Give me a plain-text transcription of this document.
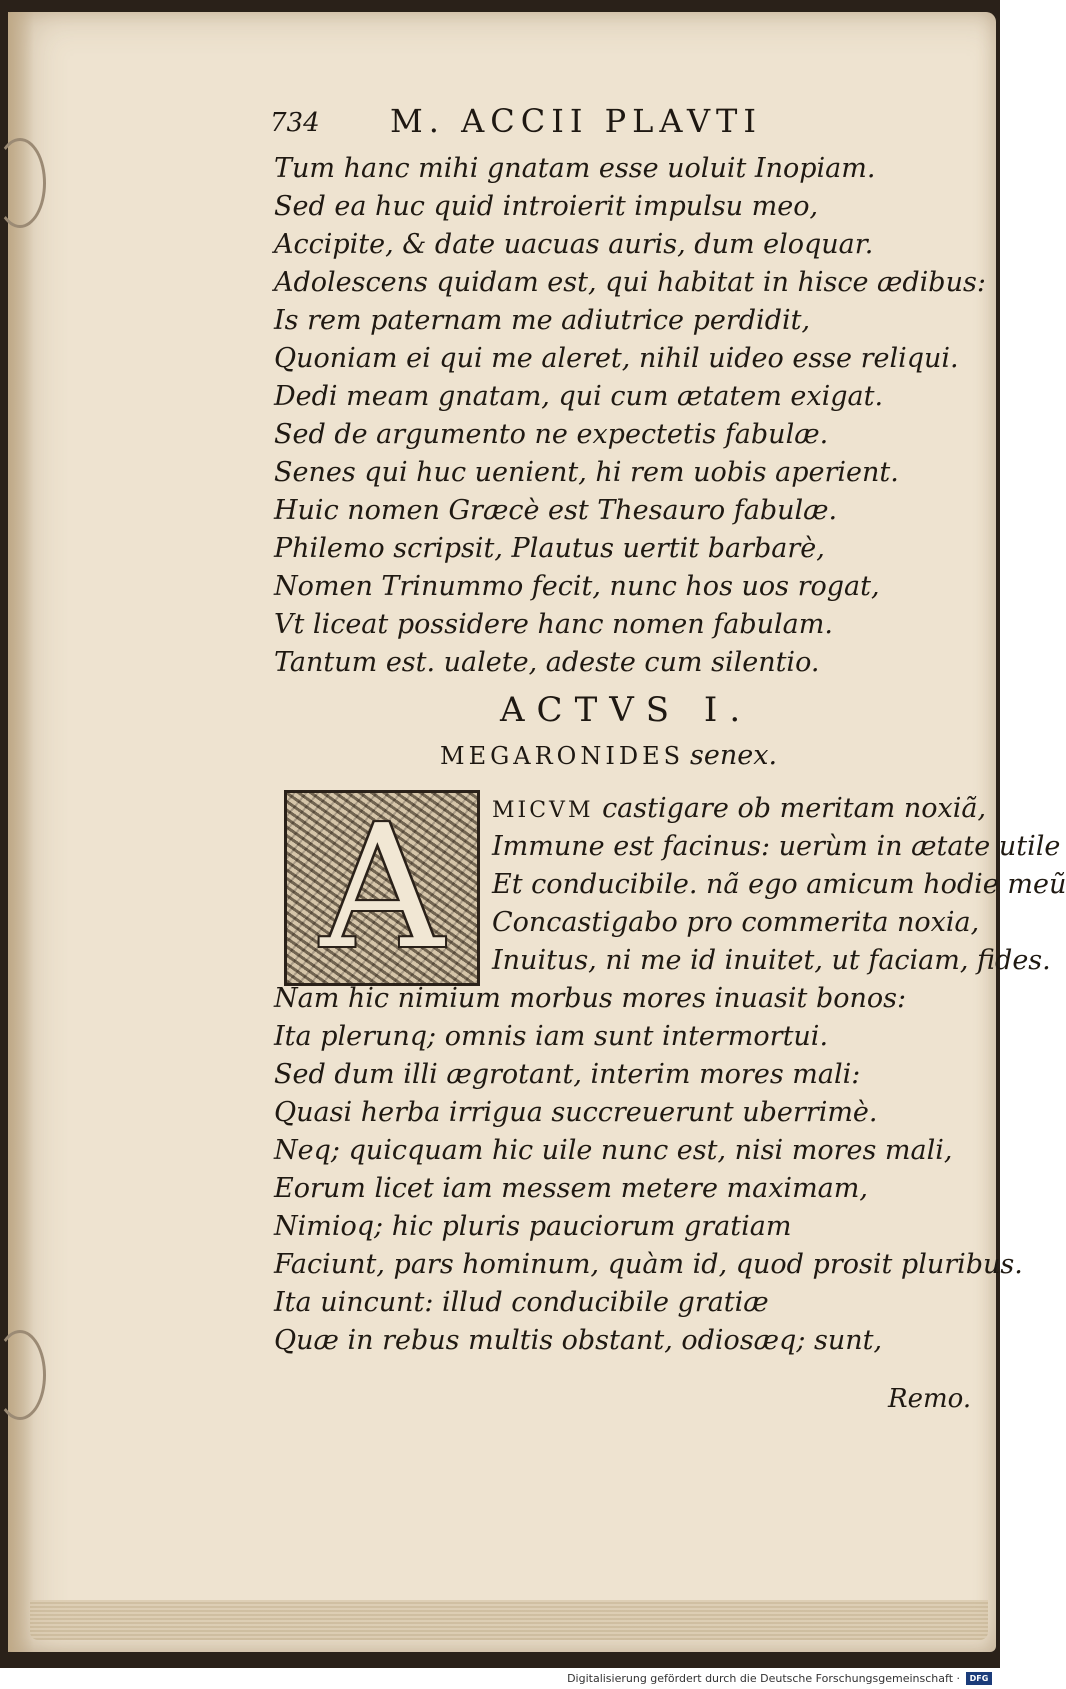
734 M. ACCII PLAVTI
Tum hanc mihi gnatam esse uoluit Inopiam.
Sed ea huc quid introierit impulsu meo,
Accipite, & date uacuas auris, dum eloquar.
Adolescens quidam est, qui habitat in hisce ædibus:
Is rem paternam me adiutrice perdidit,
Quoniam ei qui me aleret, nihil uideo esse reliqui.
Dedi meam gnatam, qui cum ætatem exigat.
Sed de argumento ne expectetis fabulæ.
Senes qui huc uenient, hi rem uobis aperient.
Huic nomen Græcè est Thesauro fabulæ.
Philemo scripsit, Plautus uertit barbarè,
Nomen Trinummo fecit, nunc hos uos rogat,
Vt liceat possidere hanc nomen fabulam.
Tantum est. ualete, adeste cum silentio.
ACTVS I.
MEGARONIDES senex.
A	MICVM castigare ob meritam noxiã,
Immune est facinus: uerùm in ætate utile
Et conducibile. nã ego amicum hodie meũ
Concastigabo pro commerita noxia,
Inuitus, ni me id inuitet, ut faciam, fides.
Nam hic nimium morbus mores inuasit bonos:
Ita plerunq; omnis iam sunt intermortui.
Sed dum illi ægrotant, interim mores mali:
Quasi herba irrigua succreuerunt uberrimè.
Neq; quicquam hic uile nunc est, nisi mores mali,
Eorum licet iam messem metere maximam,
Nimioq; hic pluris pauciorum gratiam
Faciunt, pars hominum, quàm id, quod prosit pluribus.
Ita uincunt: illud conducibile gratiæ
Quæ in rebus multis obstant, odiosæq; sunt,
Remo.
Digitalisierung gefördert durch die Deutsche Forschungsgemeinschaft ·	DFG
